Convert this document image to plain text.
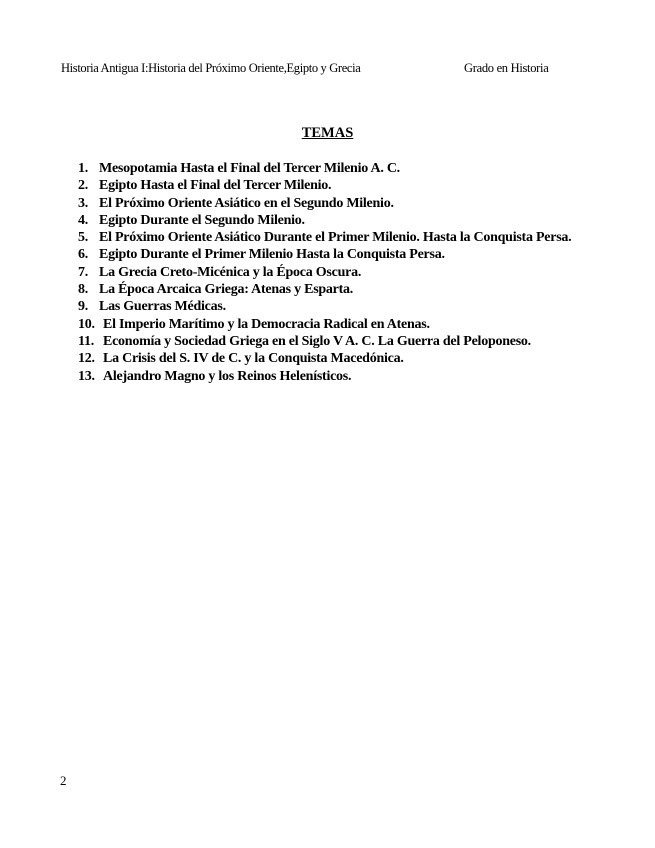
Historia Antigua I:Historia del Próximo Oriente,Egipto y Grecia	Grado en Historia
TEMAS
1. Mesopotamia Hasta el Final del Tercer Milenio A. C.
2. Egipto Hasta el Final del Tercer Milenio.
3. El Próximo Oriente Asiático en el Segundo Milenio.
4. Egipto Durante el Segundo Milenio.
5. El Próximo Oriente Asiático Durante el Primer Milenio. Hasta la Conquista Persa.
6. Egipto Durante el Primer Milenio Hasta la Conquista Persa.
7. La Grecia Creto-Micénica y la Época Oscura.
8. La Época Arcaica Griega: Atenas y Esparta.
9. Las Guerras Médicas.
10. El Imperio Marítimo y la Democracia Radical en Atenas.
11. Economía y Sociedad Griega en el Siglo V A. C. La Guerra del Peloponeso.
12. La Crisis del S. IV de C. y la Conquista Macedónica.
13. Alejandro Magno y los Reinos Helenísticos.
2
